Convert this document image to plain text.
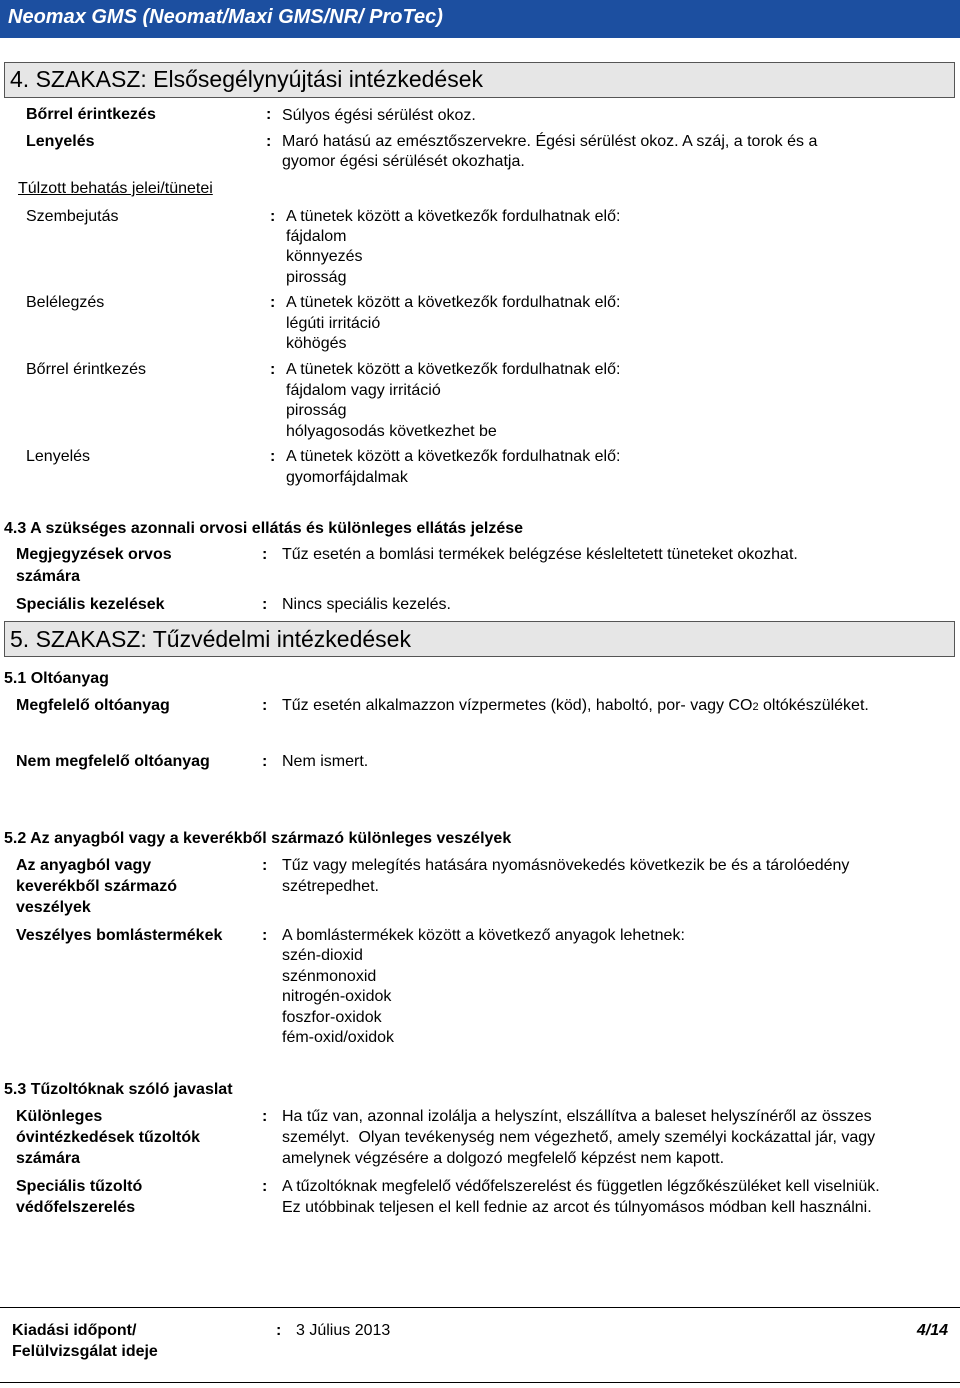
Neomax GMS (Neomat/Maxi GMS/NR/ ProTec)
4. SZAKASZ: Elsősegélynyújtási intézkedések
Bőrrel érintkezés	: Súlyos égési sérülést okoz.
Lenyelés	: Maró hatású az emésztőszervekre. Égési sérülést okoz. A száj, a torok és a
gyomor égési sérülését okozhatja.
Túlzott behatás jelei/tünetei
Szembejutás	: A tünetek között a következők fordulhatnak elő:
fájdalom
könnyezés
pirosság
Belélegzés	: A tünetek között a következők fordulhatnak elő:
légúti irritáció
köhögés
Bőrrel érintkezés	: A tünetek között a következők fordulhatnak elő:
fájdalom vagy irritáció
pirosság
hólyagosodás következhet be
Lenyelés	: A tünetek között a következők fordulhatnak elő:
gyomorfájdalmak
4.3 A szükséges azonnali orvosi ellátás és különleges ellátás jelzése
Megjegyzések orvos
számára
: Tűz esetén a bomlási termékek belégzése késleltetett tüneteket okozhat.
Speciális kezelések	: Nincs speciális kezelés.
5. SZAKASZ: Tűzvédelmi intézkedések
5.1 Oltóanyag
Megfelelő oltóanyag	: Tűz esetén alkalmazzon vízpermetes (köd), haboltó, por- vagy CO2 oltókészüléket.
Nem megfelelő oltóanyag	: Nem ismert.
5.2 Az anyagból vagy a keverékből származó különleges veszélyek
Az anyagból vagy
keverékből származó
veszélyek
: Tűz vagy melegítés hatására nyomásnövekedés következik be és a tárolóedény
szétrepedhet.
Veszélyes bomlástermékek : A bomlástermékek között a következő anyagok lehetnek:
szén-dioxid
szénmonoxid
nitrogén-oxidok
foszfor-oxidok
fém-oxid/oxidok
5.3 Tűzoltóknak szóló javaslat
Különleges
óvintézkedések tűzoltók
számára
: Ha tűz van, azonnal izolálja a helyszínt, elszállítva a baleset helyszínéről az összes
személyt.  Olyan tevékenység nem végezhető, amely személyi kockázattal jár, vagy
amelynek végzésére a dolgozó megfelelő képzést nem kapott.
Speciális tűzoltó
védőfelszerelés
: A tűzoltóknak megfelelő védőfelszerelést és független légzőkészüléket kell viselniük.
Ez utóbbinak teljesen el kell fednie az arcot és túlnyomásos módban kell használni.
Kiadási időpont/
Felülvizsgálat ideje
: 3 Július 2013	4/14
